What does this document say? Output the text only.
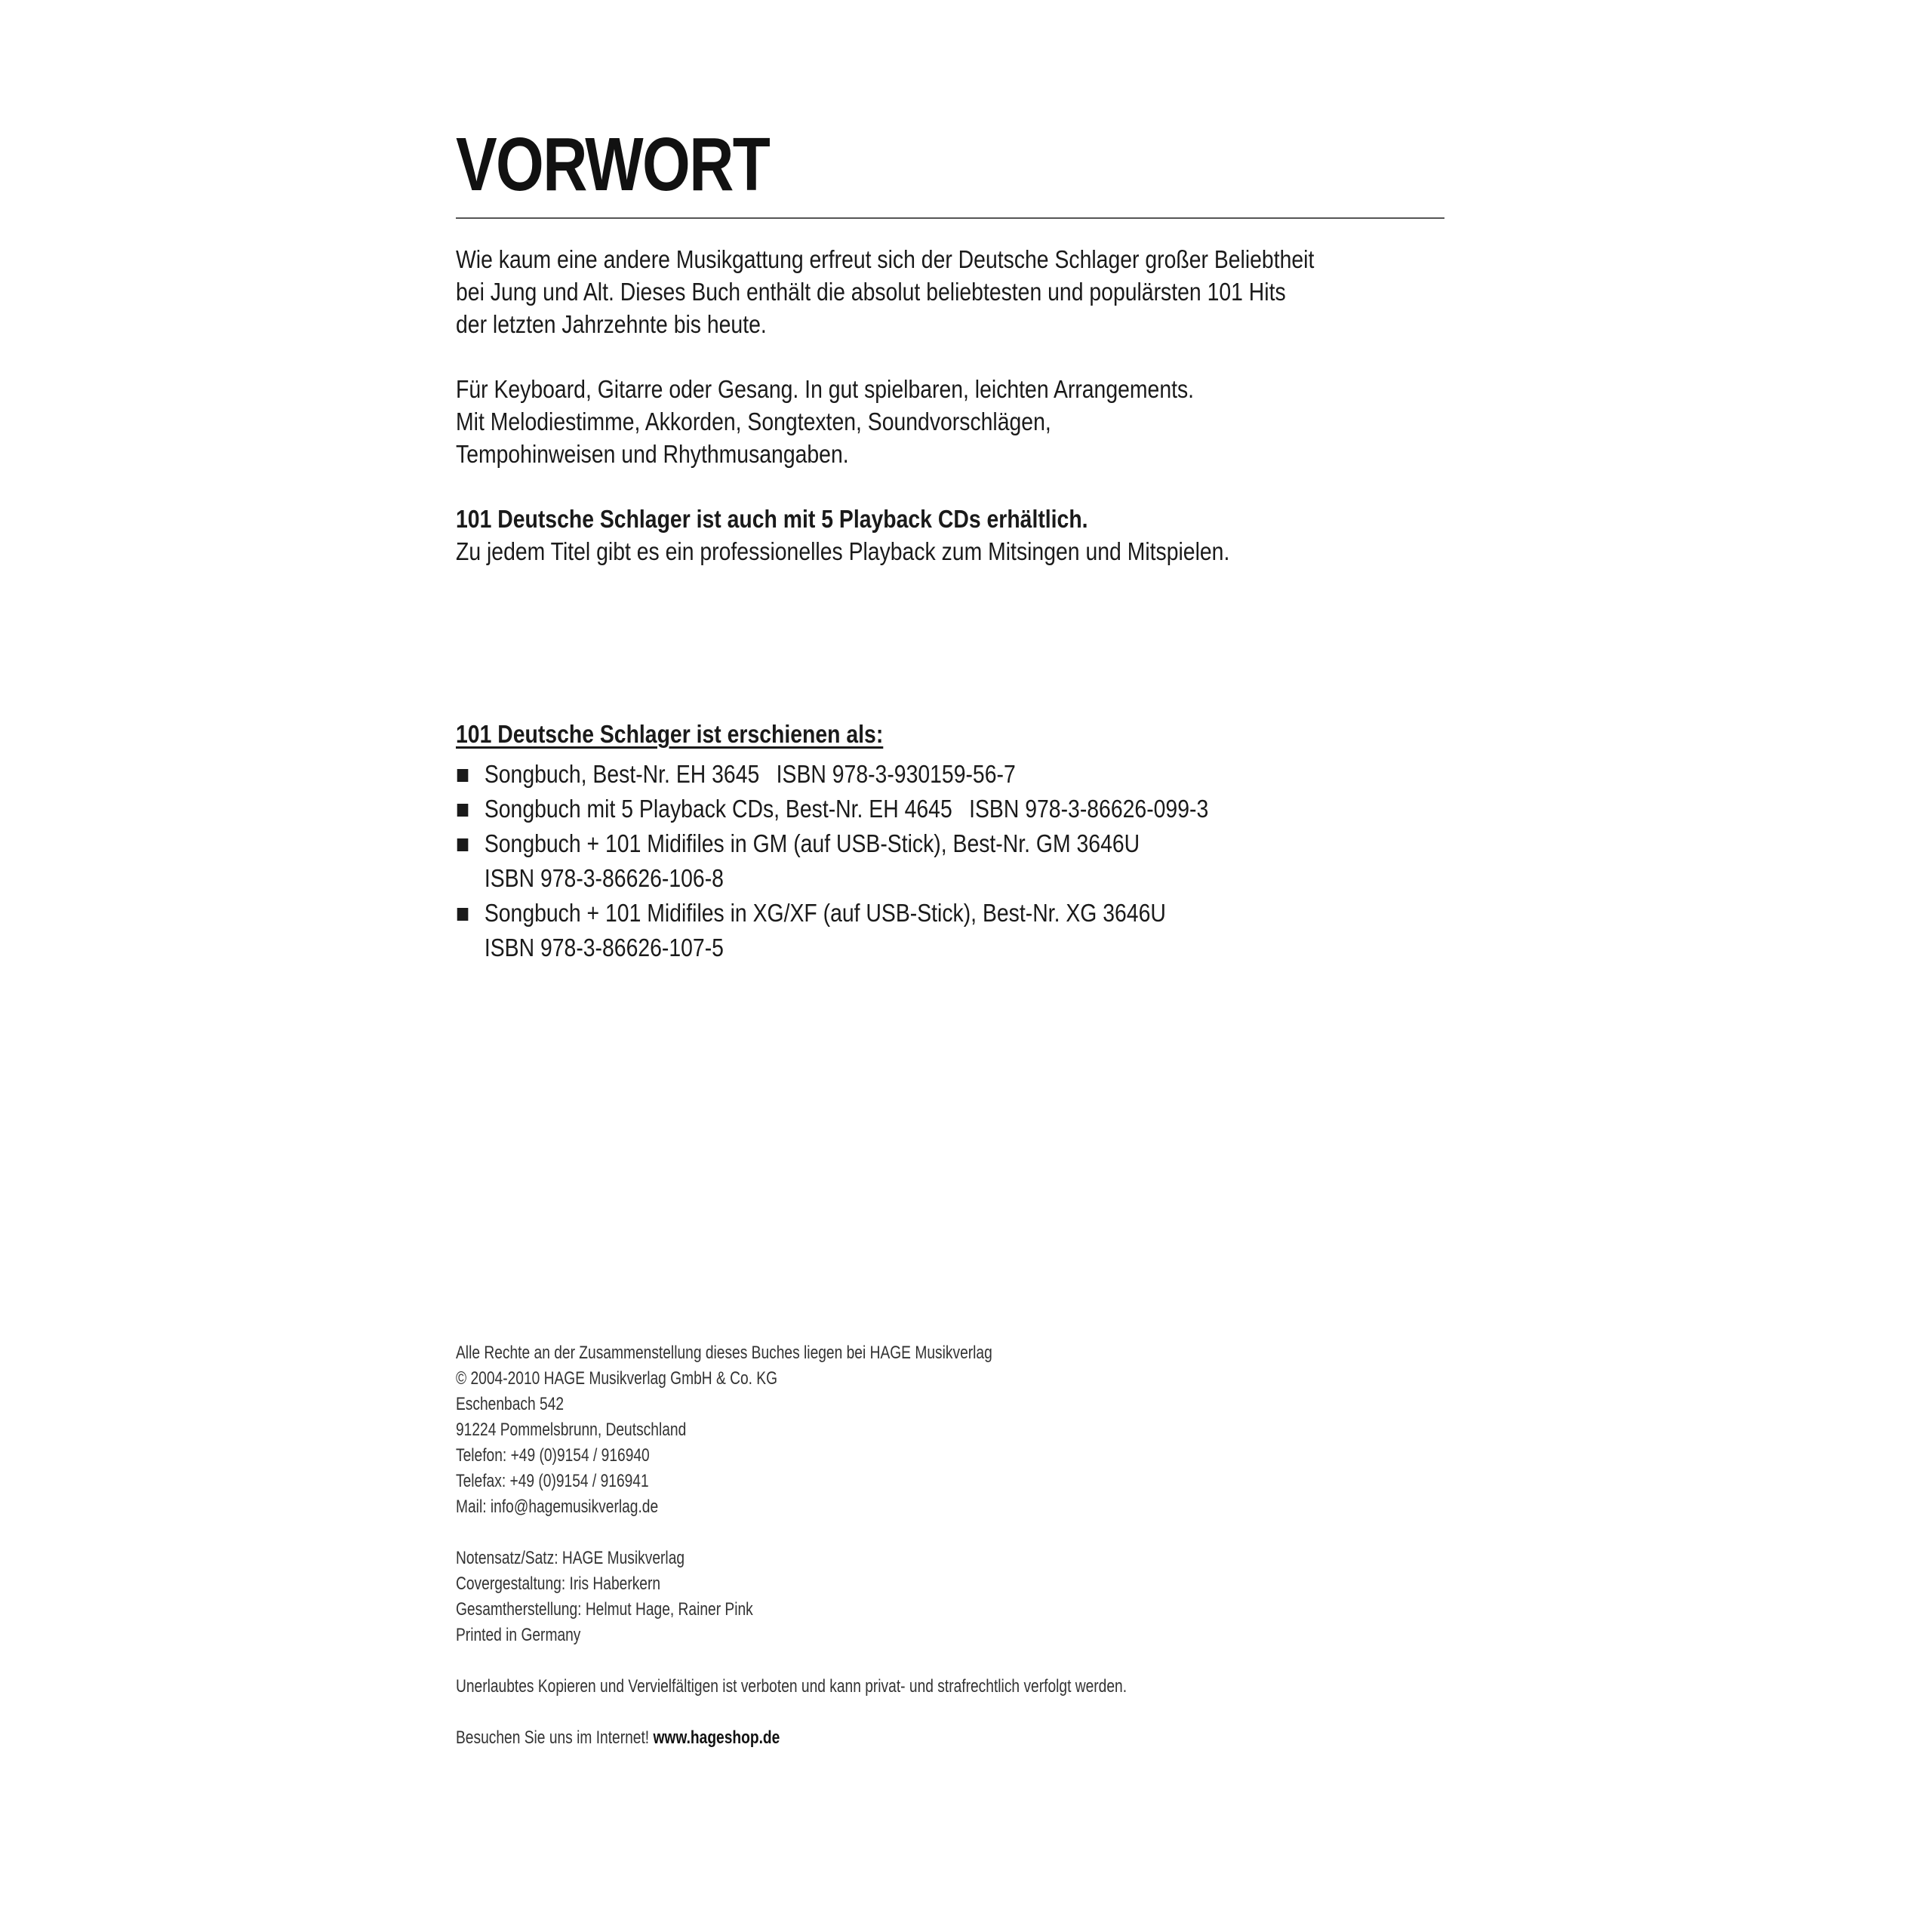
VORWORT

Wie kaum eine andere Musikgattung erfreut sich der Deutsche Schlager großer Beliebtheit
bei Jung und Alt. Dieses Buch enthält die absolut beliebtesten und populärsten 101 Hits
der letzten Jahrzehnte bis heute.

Für Keyboard, Gitarre oder Gesang. In gut spielbaren, leichten Arrangements.
Mit Melodiestimme, Akkorden, Songtexten, Soundvorschlägen,
Tempohinweisen und Rhythmusangaben.

101 Deutsche Schlager ist auch mit 5 Playback CDs erhältlich.
Zu jedem Titel gibt es ein professionelles Playback zum Mitsingen und Mitspielen.

101 Deutsche Schlager ist erschienen als:
Songbuch, Best-Nr. EH 3645 ISBN 978-3-930159-56-7
Songbuch mit 5 Playback CDs, Best-Nr. EH 4645 ISBN 978-3-86626-099-3
Songbuch + 101 Midifiles in GM (auf USB-Stick), Best-Nr. GM 3646U
ISBN 978-3-86626-106-8
Songbuch + 101 Midifiles in XG/XF (auf USB-Stick), Best-Nr. XG 3646U
ISBN 978-3-86626-107-5

Alle Rechte an der Zusammenstellung dieses Buches liegen bei HAGE Musikverlag
© 2004-2010 HAGE Musikverlag GmbH & Co. KG
Eschenbach 542
91224 Pommelsbrunn, Deutschland
Telefon: +49 (0)9154 / 916940
Telefax: +49 (0)9154 / 916941
Mail: info@hagemusikverlag.de

Notensatz/Satz: HAGE Musikverlag
Covergestaltung: Iris Haberkern
Gesamtherstellung: Helmut Hage, Rainer Pink
Printed in Germany

Unerlaubtes Kopieren und Vervielfältigen ist verboten und kann privat- und strafrechtlich verfolgt werden.

Besuchen Sie uns im Internet! www.hageshop.de
